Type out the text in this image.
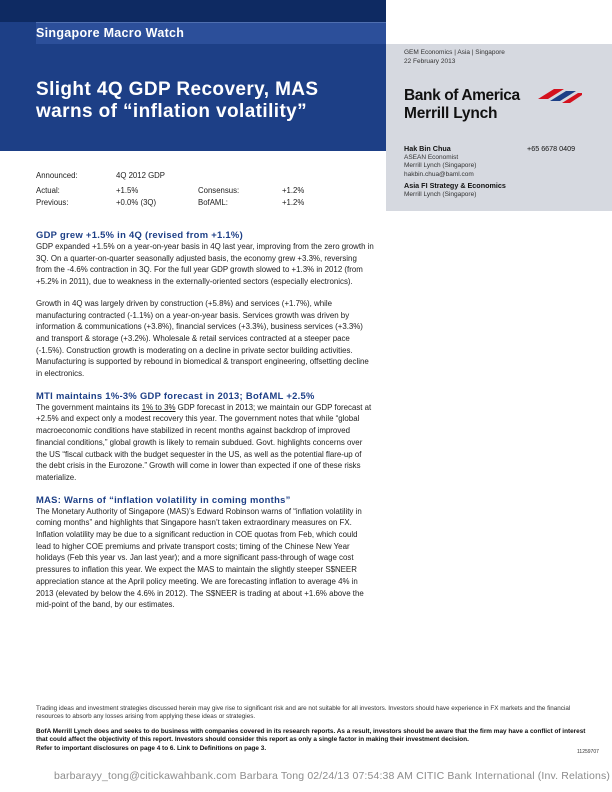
Singapore Macro Watch
Slight 4Q GDP Recovery, MAS
warns of “inflation volatility”
GEM Economics | Asia | Singapore
22 February 2013
Bank of America
Merrill Lynch
Hak Bin Chua	+65 6678 0409
ASEAN Economist
Merrill Lynch (Singapore)
hakbin.chua@baml.com
Asia FI Strategy & Economics
Merrill Lynch (Singapore)
Announced:	4Q 2012 GDP
Actual:	+1.5%	Consensus:	+1.2%
Previous:	+0.0% (3Q)	BofAML:	+1.2%
GDP grew +1.5% in 4Q (revised from +1.1%)

GDP expanded +1.5% on a year-on-year basis in 4Q last year, improving from the zero growth in 3Q. On a quarter-on-quarter seasonally adjusted basis, the economy grew +3.3%, reversing from the -4.6% contraction in 3Q. For the full year GDP growth slowed to +1.3% in 2012 (from +5.2% in 2011), due to weakness in the externally-oriented sectors (especially electronics).

Growth in 4Q was largely driven by construction (+5.8%) and services (+1.7%), while manufacturing contracted (-1.1%) on a year-on-year basis. Services growth was driven by information & communications (+3.8%), financial services (+3.3%), business services (+3.3%) and transport & storage (+3.2%). Wholesale & retail services contracted at a steeper pace (-1.5%). Construction growth is moderating on a decline in private sector building activities. Manufacturing is supported by rebound in biomedical & transport engineering, offsetting decline in electronics.

MTI maintains 1%-3% GDP forecast in 2013; BofAML +2.5%

The government maintains its 1% to 3% GDP forecast in 2013; we maintain our GDP forecast at +2.5% and expect only a modest recovery this year. The government notes that while “global macroeconomic conditions have stabilized in recent months against backdrop of improved financial conditions,” global growth is likely to remain subdued. Govt. highlights concerns over the US “fiscal cutback with the budget sequester in the US, as well as the potential flare-up of the debt crisis in the Eurozone.” Growth will come in lower than expected if one of these risks materialize.

MAS: Warns of “inflation volatility in coming months”

The Monetary Authority of Singapore (MAS)’s Edward Robinson warns of “inflation volatility in coming months” and highlights that Singapore hasn’t taken extraordinary measures on FX. Inflation volatility may be due to a significant reduction in COE quotas from Feb, which could lead to higher COE premiums and private transport costs; timing of the Chinese New Year holidays (Feb this year vs. Jan last year); and a more significant pass-through of wage cost pressures to inflation this year. We expect the MAS to maintain the slightly steeper S$NEER appreciation stance at the April policy meeting. We are forecasting inflation to average 4% in 2013 (elevated by below the 4.6% in 2012). The S$NEER is trading at about +1.6% above the mid-point of the band, by our estimates.

Trading ideas and investment strategies discussed herein may give rise to significant risk and are not suitable for all investors. Investors should have experience in FX markets and the financial resources to absorb any losses arising from applying these ideas or strategies.
BofA Merrill Lynch does and seeks to do business with companies covered in its research reports. As a result, investors should be aware that the firm may have a conflict of interest that could affect the objectivity of this report. Investors should consider this report as only a single factor in making their investment decision.
Refer to important disclosures on page 4 to 6. Link to Definitions on page 3.
11259707
barbarayy_tong@citickawahbank.com Barbara Tong 02/24/13 07:54:38 AM CITIC Bank International (Inv. Relations)
